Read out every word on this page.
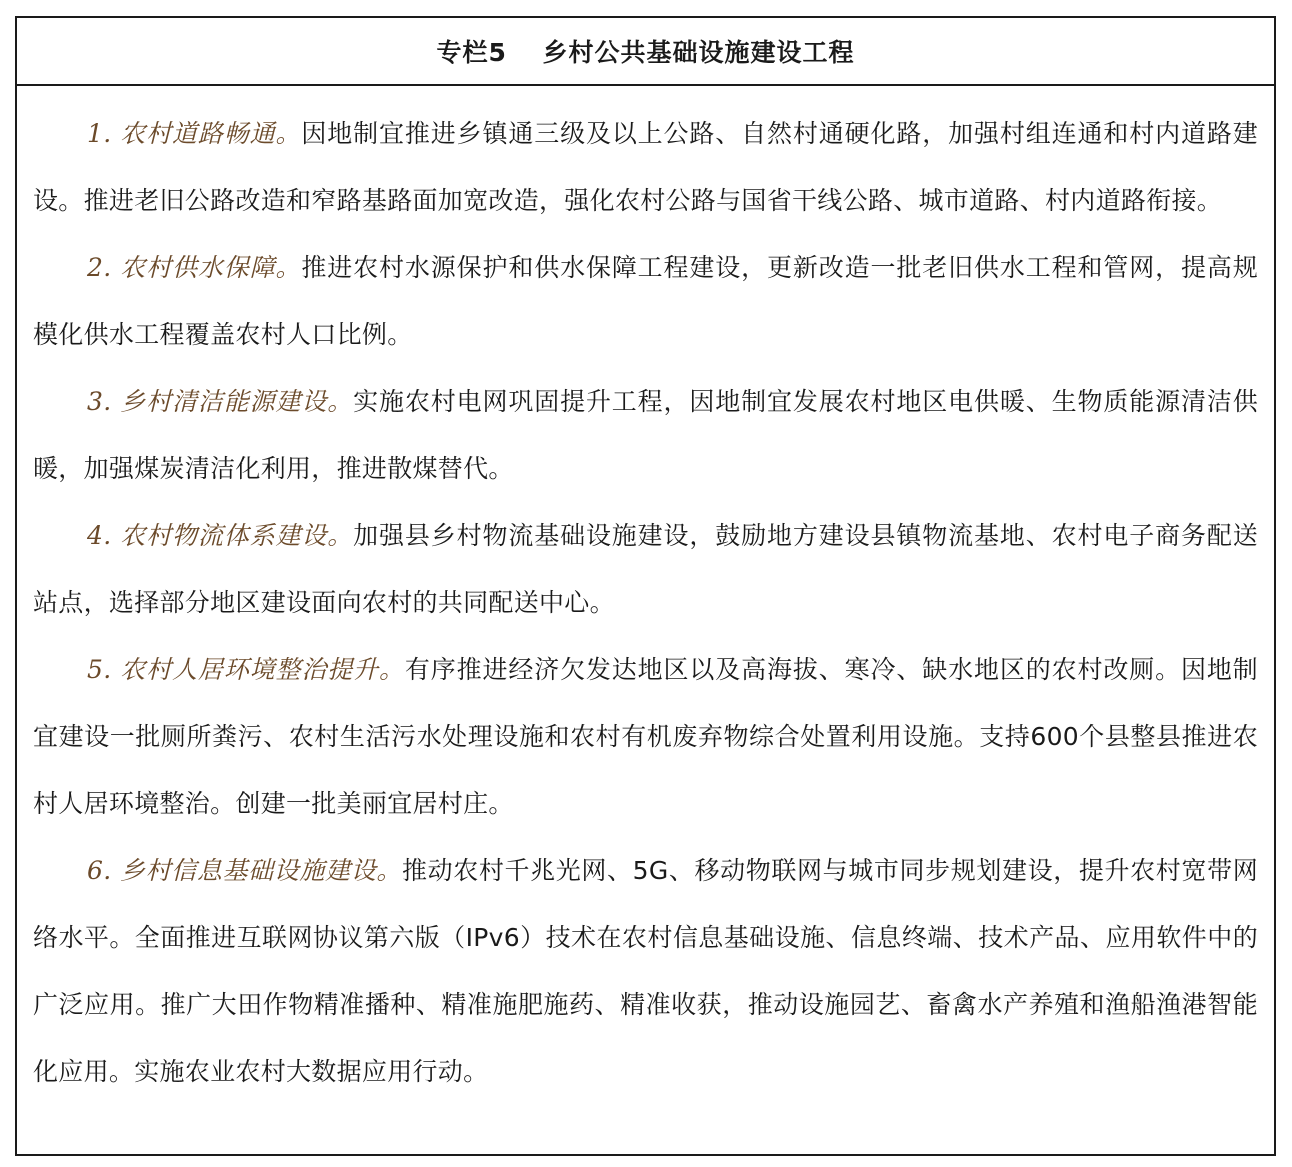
专栏5　 乡村公共基础设施建设工程

1. 农村道路畅通。因地制宜推进乡镇通三级及以上公路、自然村通硬化路，加强村组连通和村内道路建设。推进老旧公路改造和窄路基路面加宽改造，强化农村公路与国省干线公路、城市道路、村内道路衔接。

2. 农村供水保障。推进农村水源保护和供水保障工程建设，更新改造一批老旧供水工程和管网，提高规模化供水工程覆盖农村人口比例。

3. 乡村清洁能源建设。实施农村电网巩固提升工程，因地制宜发展农村地区电供暖、生物质能源清洁供暖，加强煤炭清洁化利用，推进散煤替代。

4. 农村物流体系建设。加强县乡村物流基础设施建设，鼓励地方建设县镇物流基地、农村电子商务配送站点，选择部分地区建设面向农村的共同配送中心。

5. 农村人居环境整治提升。有序推进经济欠发达地区以及高海拔、寒冷、缺水地区的农村改厕。因地制宜建设一批厕所粪污、农村生活污水处理设施和农村有机废弃物综合处置利用设施。支持600个县整县推进农村人居环境整治。创建一批美丽宜居村庄。

6. 乡村信息基础设施建设。推动农村千兆光网、5G、移动物联网与城市同步规划建设，提升农村宽带网络水平。全面推进互联网协议第六版（IPv6）技术在农村信息基础设施、信息终端、技术产品、应用软件中的广泛应用。推广大田作物精准播种、精准施肥施药、精准收获，推动设施园艺、畜禽水产养殖和渔船渔港智能化应用。实施农业农村大数据应用行动。
